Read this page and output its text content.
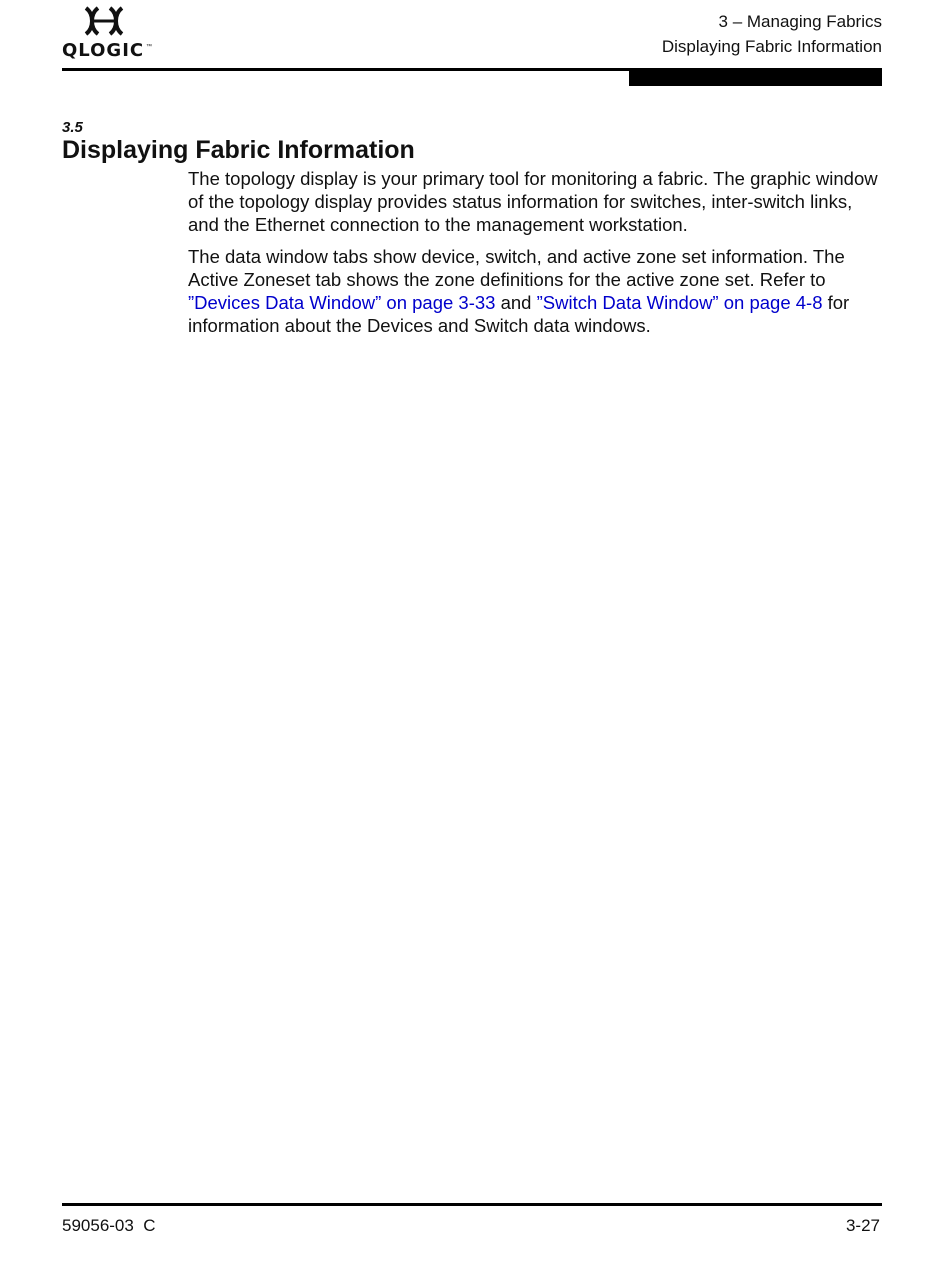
QLOGIC ™
3 – Managing Fabrics
Displaying Fabric Information
3.5
Displaying Fabric Information

The topology display is your primary tool for monitoring a fabric. The graphic window of the topology display provides status information for switches, inter-switch links, and the Ethernet connection to the management workstation.

The data window tabs show device, switch, and active zone set information. The Active Zoneset tab shows the zone definitions for the active zone set. Refer to ”Devices Data Window” on page 3-33 and ”Switch Data Window” on page 4-8 for information about the Devices and Switch data windows.

59056-03  C	3-27
